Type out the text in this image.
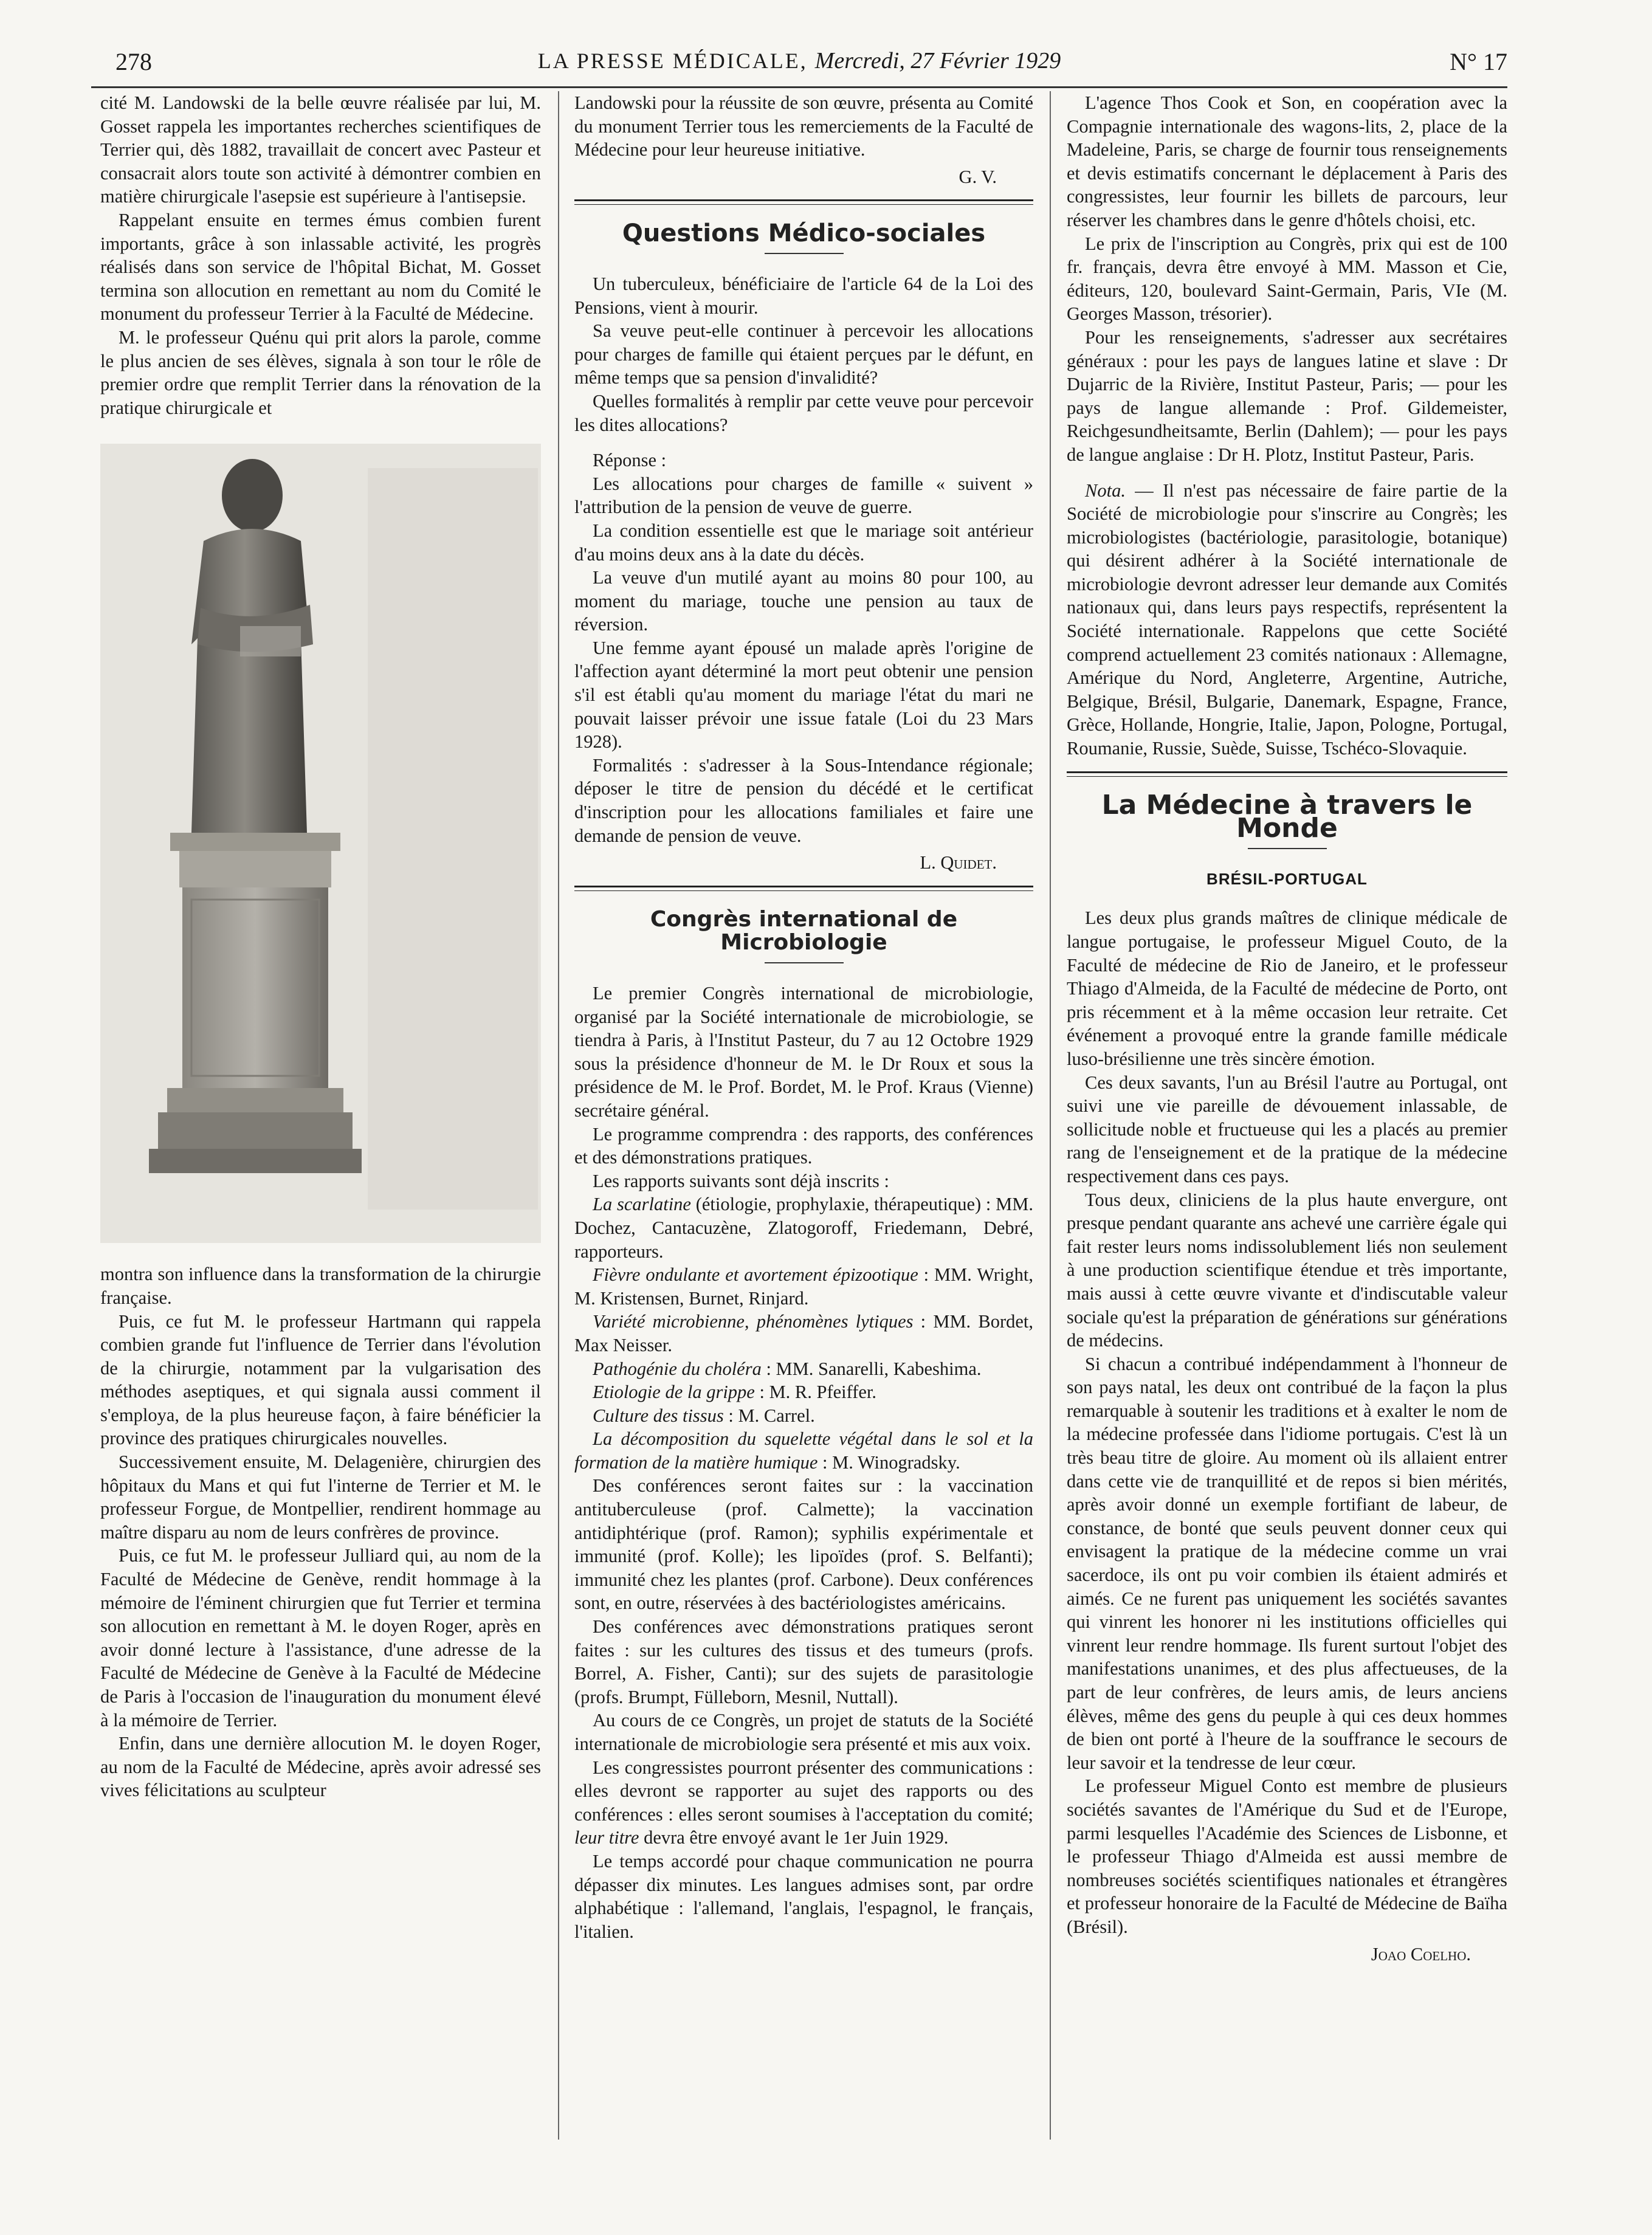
278	LA PRESSE MÉDICALE, Mercredi, 27 Février 1929	N° 17

cité M. Landowski de la belle œuvre réalisée par lui, M. Gosset rappela les importantes recherches scientifiques de Terrier qui, dès 1882, travaillait de concert avec Pasteur et consacrait alors toute son activité à démontrer combien en matière chirurgicale l'asepsie est supérieure à l'antisepsie.

Rappelant ensuite en termes émus combien furent importants, grâce à son inlassable activité, les progrès réalisés dans son service de l'hôpital Bichat, M. Gosset termina son allocution en remettant au nom du Comité le monument du professeur Terrier à la Faculté de Médecine.

M. le professeur Quénu qui prit alors la parole, comme le plus ancien de ses élèves, signala à son tour le rôle de premier ordre que remplit Terrier dans la rénovation de la pratique chirurgicale et

montra son influence dans la transformation de la chirurgie française.

Puis, ce fut M. le professeur Hartmann qui rappela combien grande fut l'influence de Terrier dans l'évolution de la chirurgie, notamment par la vulgarisation des méthodes aseptiques, et qui signala aussi comment il s'employa, de la plus heureuse façon, à faire bénéficier la province des pratiques chirurgicales nouvelles.

Successivement ensuite, M. Delagenière, chirurgien des hôpitaux du Mans et qui fut l'interne de Terrier et M. le professeur Forgue, de Montpellier, rendirent hommage au maître disparu au nom de leurs confrères de province.

Puis, ce fut M. le professeur Julliard qui, au nom de la Faculté de Médecine de Genève, rendit hommage à la mémoire de l'éminent chirurgien que fut Terrier et termina son allocution en remettant à M. le doyen Roger, après en avoir donné lecture à l'assistance, d'une adresse de la Faculté de Médecine de Genève à la Faculté de Médecine de Paris à l'occasion de l'inauguration du monument élevé à la mémoire de Terrier.

Enfin, dans une dernière allocution M. le doyen Roger, au nom de la Faculté de Médecine, après avoir adressé ses vives félicitations au sculpteur

Landowski pour la réussite de son œuvre, présenta au Comité du monument Terrier tous les remerciements de la Faculté de Médecine pour leur heureuse initiative.

G. V.

Questions Médico-sociales

Un tuberculeux, bénéficiaire de l'article 64 de la Loi des Pensions, vient à mourir.

Sa veuve peut-elle continuer à percevoir les allocations pour charges de famille qui étaient perçues par le défunt, en même temps que sa pension d'invalidité?

Quelles formalités à remplir par cette veuve pour percevoir les dites allocations?

Réponse :

Les allocations pour charges de famille « suivent » l'attribution de la pension de veuve de guerre.

La condition essentielle est que le mariage soit antérieur d'au moins deux ans à la date du décès.

La veuve d'un mutilé ayant au moins 80 pour 100, au moment du mariage, touche une pension au taux de réversion.

Une femme ayant épousé un malade après l'origine de l'affection ayant déterminé la mort peut obtenir une pension s'il est établi qu'au moment du mariage l'état du mari ne pouvait laisser prévoir une issue fatale (Loi du 23 Mars 1928).

Formalités : s'adresser à la Sous-Intendance régionale; déposer le titre de pension du décédé et le certificat d'inscription pour les allocations familiales et faire une demande de pension de veuve.

L. Quidet.

Congrès international de Microbiologie

Le premier Congrès international de microbiologie, organisé par la Société internationale de microbiologie, se tiendra à Paris, à l'Institut Pasteur, du 7 au 12 Octobre 1929 sous la présidence d'honneur de M. le Dr Roux et sous la présidence de M. le Prof. Bordet, M. le Prof. Kraus (Vienne) secrétaire général.

Le programme comprendra : des rapports, des conférences et des démonstrations pratiques.

Les rapports suivants sont déjà inscrits :

La scarlatine (étiologie, prophylaxie, thérapeutique) : MM. Dochez, Cantacuzène, Zlatogoroff, Friedemann, Debré, rapporteurs.

Fièvre ondulante et avortement épizootique : MM. Wright, M. Kristensen, Burnet, Rinjard.

Variété microbienne, phénomènes lytiques : MM. Bordet, Max Neisser.

Pathogénie du choléra : MM. Sanarelli, Kabeshima.

Etiologie de la grippe : M. R. Pfeiffer.

Culture des tissus : M. Carrel.

La décomposition du squelette végétal dans le sol et la formation de la matière humique : M. Winogradsky.

Des conférences seront faites sur : la vaccination antituberculeuse (prof. Calmette); la vaccination antidiphtérique (prof. Ramon); syphilis expérimentale et immunité (prof. Kolle); les lipoïdes (prof. S. Belfanti); immunité chez les plantes (prof. Carbone). Deux conférences sont, en outre, réservées à des bactériologistes américains.

Des conférences avec démonstrations pratiques seront faites : sur les cultures des tissus et des tumeurs (profs. Borrel, A. Fisher, Canti); sur des sujets de parasitologie (profs. Brumpt, Fülleborn, Mesnil, Nuttall).

Au cours de ce Congrès, un projet de statuts de la Société internationale de microbiologie sera présenté et mis aux voix.

Les congressistes pourront présenter des communications : elles devront se rapporter au sujet des rapports ou des conférences : elles seront soumises à l'acceptation du comité; leur titre devra être envoyé avant le 1er Juin 1929.

Le temps accordé pour chaque communication ne pourra dépasser dix minutes. Les langues admises sont, par ordre alphabétique : l'allemand, l'anglais, l'espagnol, le français, l'italien.

L'agence Thos Cook et Son, en coopération avec la Compagnie internationale des wagons-lits, 2, place de la Madeleine, Paris, se charge de fournir tous renseignements et devis estimatifs concernant le déplacement à Paris des congressistes, leur fournir les billets de parcours, leur réserver les chambres dans le genre d'hôtels choisi, etc.

Le prix de l'inscription au Congrès, prix qui est de 100 fr. français, devra être envoyé à MM. Masson et Cie, éditeurs, 120, boulevard Saint-Germain, Paris, VIe (M. Georges Masson, trésorier).

Pour les renseignements, s'adresser aux secrétaires généraux : pour les pays de langues latine et slave : Dr Dujarric de la Rivière, Institut Pasteur, Paris; — pour les pays de langue allemande : Prof. Gildemeister, Reichgesundheitsamte, Berlin (Dahlem); — pour les pays de langue anglaise : Dr H. Plotz, Institut Pasteur, Paris.

Nota. — Il n'est pas nécessaire de faire partie de la Société de microbiologie pour s'inscrire au Congrès; les microbiologistes (bactériologie, parasitologie, botanique) qui désirent adhérer à la Société internationale de microbiologie devront adresser leur demande aux Comités nationaux qui, dans leurs pays respectifs, représentent la Société internationale. Rappelons que cette Société comprend actuellement 23 comités nationaux : Allemagne, Amérique du Nord, Angleterre, Argentine, Autriche, Belgique, Brésil, Bulgarie, Danemark, Espagne, France, Grèce, Hollande, Hongrie, Italie, Japon, Pologne, Portugal, Roumanie, Russie, Suède, Suisse, Tschéco-Slovaquie.

La Médecine à travers le Monde
BRÉSIL-PORTUGAL

Les deux plus grands maîtres de clinique médicale de langue portugaise, le professeur Miguel Couto, de la Faculté de médecine de Rio de Janeiro, et le professeur Thiago d'Almeida, de la Faculté de médecine de Porto, ont pris récemment et à la même occasion leur retraite. Cet événement a provoqué entre la grande famille médicale luso-brésilienne une très sincère émotion.

Ces deux savants, l'un au Brésil l'autre au Portugal, ont suivi une vie pareille de dévouement inlassable, de sollicitude noble et fructueuse qui les a placés au premier rang de l'enseignement et de la pratique de la médecine respectivement dans ces pays.

Tous deux, cliniciens de la plus haute envergure, ont presque pendant quarante ans achevé une carrière égale qui fait rester leurs noms indissolublement liés non seulement à une production scientifique étendue et très importante, mais aussi à cette œuvre vivante et d'indiscutable valeur sociale qu'est la préparation de générations sur générations de médecins.

Si chacun a contribué indépendamment à l'honneur de son pays natal, les deux ont contribué de la façon la plus remarquable à soutenir les traditions et à exalter le nom de la médecine professée dans l'idiome portugais. C'est là un très beau titre de gloire. Au moment où ils allaient entrer dans cette vie de tranquillité et de repos si bien mérités, après avoir donné un exemple fortifiant de labeur, de constance, de bonté que seuls peuvent donner ceux qui envisagent la pratique de la médecine comme un vrai sacerdoce, ils ont pu voir combien ils étaient admirés et aimés. Ce ne furent pas uniquement les sociétés savantes qui vinrent les honorer ni les institutions officielles qui vinrent leur rendre hommage. Ils furent surtout l'objet des manifestations unanimes, et des plus affectueuses, de la part de leur confrères, de leurs amis, de leurs anciens élèves, même des gens du peuple à qui ces deux hommes de bien ont porté à l'heure de la souffrance le secours de leur savoir et la tendresse de leur cœur.

Le professeur Miguel Conto est membre de plusieurs sociétés savantes de l'Amérique du Sud et de l'Europe, parmi lesquelles l'Académie des Sciences de Lisbonne, et le professeur Thiago d'Almeida est aussi membre de nombreuses sociétés scientifiques nationales et étrangères et professeur honoraire de la Faculté de Médecine de Baïha (Brésil).

Joao Coelho.
